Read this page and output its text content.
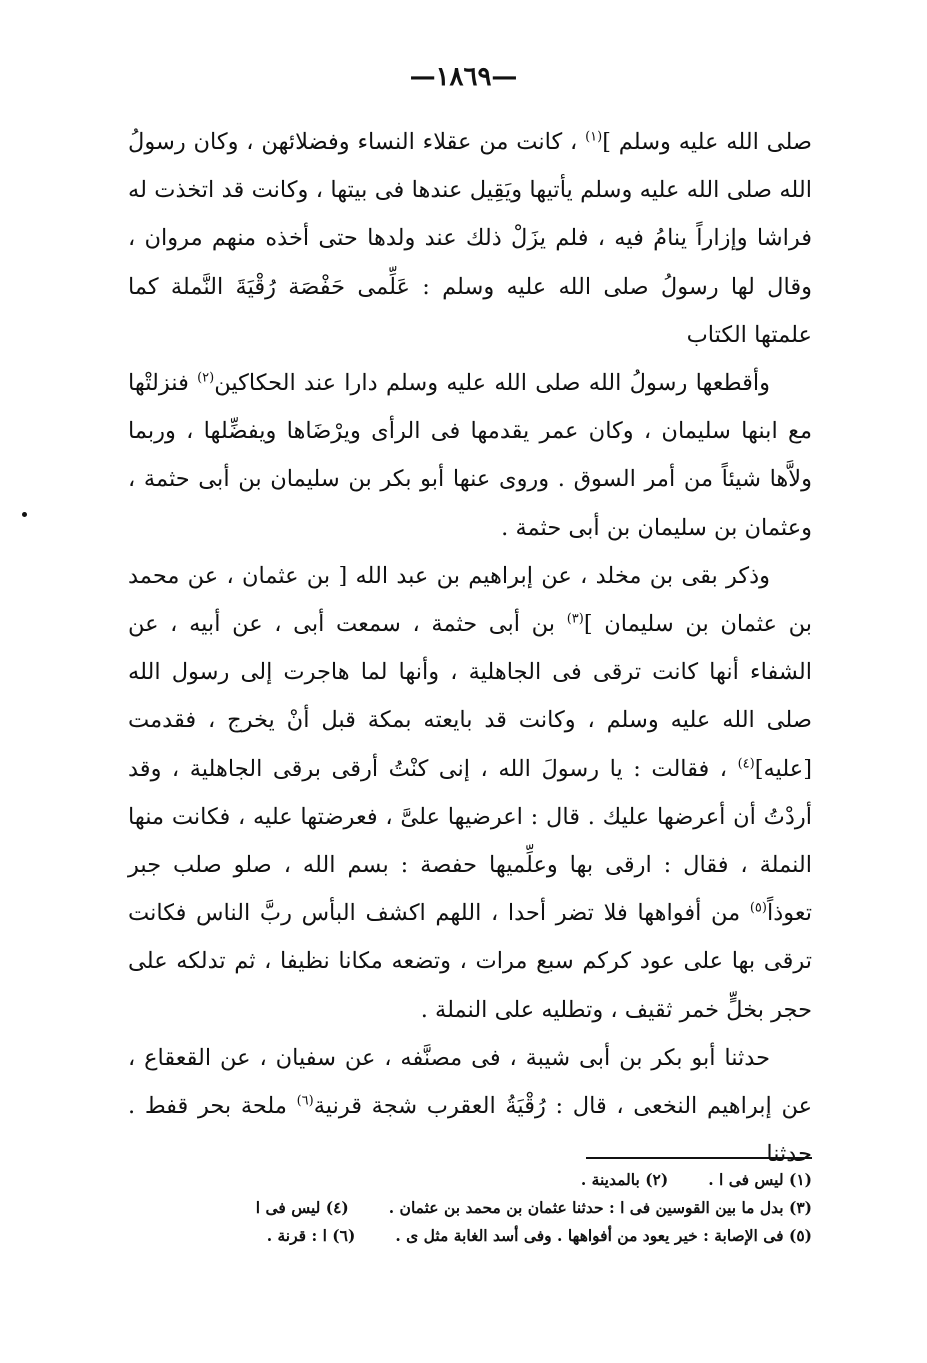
—١٨٦٩—

صلى الله عليه وسلم ]$^{(١)}$ ، كانت من عقلاء النساء وفضلائهن ، وكان رسولُ الله صلى الله عليه وسلم يأتيها ويَقِيل عندها فى بيتها ، وكانت قد اتخذت له فراشا وإزاراً ينامُ فيه ، فلم يزَلْ ذلك عند ولدها حتى أخذه منهم مروان ، وقال لها رسولُ صلى الله عليه وسلم : عَلِّمى حَفْصَة رُقْيَةَ النَّملة كما علمتها الكتاب

وأقطعها رسولُ الله صلى الله عليه وسلم دارا عند الحكاكين$^{(٢)}$ فنزلتْها مع ابنها سليمان ، وكان عمر يقدمها فى الرأى ويرْضَاها ويفضِّلها ، وربما ولاَّها شيئاً من أمر السوق . وروى عنها أبو بكر بن سليمان بن أبى حثمة ، وعثمان بن سليمان بن أبى حثمة .

وذكر بقى بن مخلد ، عن إبراهيم بن عبد الله [ بن عثمان ، عن محمد بن عثمان بن سليمان ]$^{(٣)}$ بن أبى حثمة ، سمعت أبى ، عن أبيه ، عن الشفاء أنها كانت ترقى فى الجاهلية ، وأنها لما هاجرت إلى رسول الله صلى الله عليه وسلم ، وكانت قد بايعته بمكة قبل أنْ يخرج ، فقدمت [عليه]$^{(٤)}$ ، فقالت : يا رسولَ الله ، إنى كنْتُ أرقى برقى الجاهلية ، وقد أردْتُ أن أعرضها عليك . قال : اعرضيها علىَّ ، فعرضتها عليه ، فكانت منها النملة ، فقال : ارقى بها وعلِّميها حفصة : بسم الله ، صلو صلب جبر تعوذاً$^{(٥)}$ من أفواهها فلا تضر أحدا ، اللهم اكشف البأس ربَّ الناس فكانت ترقى بها على عود كركم سبع مرات ، وتضعه مكانا نظيفا ، ثم تدلكه على حجر بخلٍّ خمر ثقيف ، وتطليه على النملة .

حدثنا أبو بكر بن أبى شيبة ، فى مصنَّفه ، عن سفيان ، عن القعقاع ، عن إبراهيم النخعى ، قال : رُقْيَةُ العقرب شجة قرنية$^{(٦)}$ ملحة بحر قفط . حدثنا

(١) ليس فى ا .(٢) بالمدينة .
(٣) بدل ما بين القوسين فى ا : حدثنا عثمان بن محمد بن عثمان .(٤) ليس فى ا
(٥) فى الإصابة : خير يعود من أفواهها . وفى أسد الغابة مثل ى .(٦) ا : قرنة .
